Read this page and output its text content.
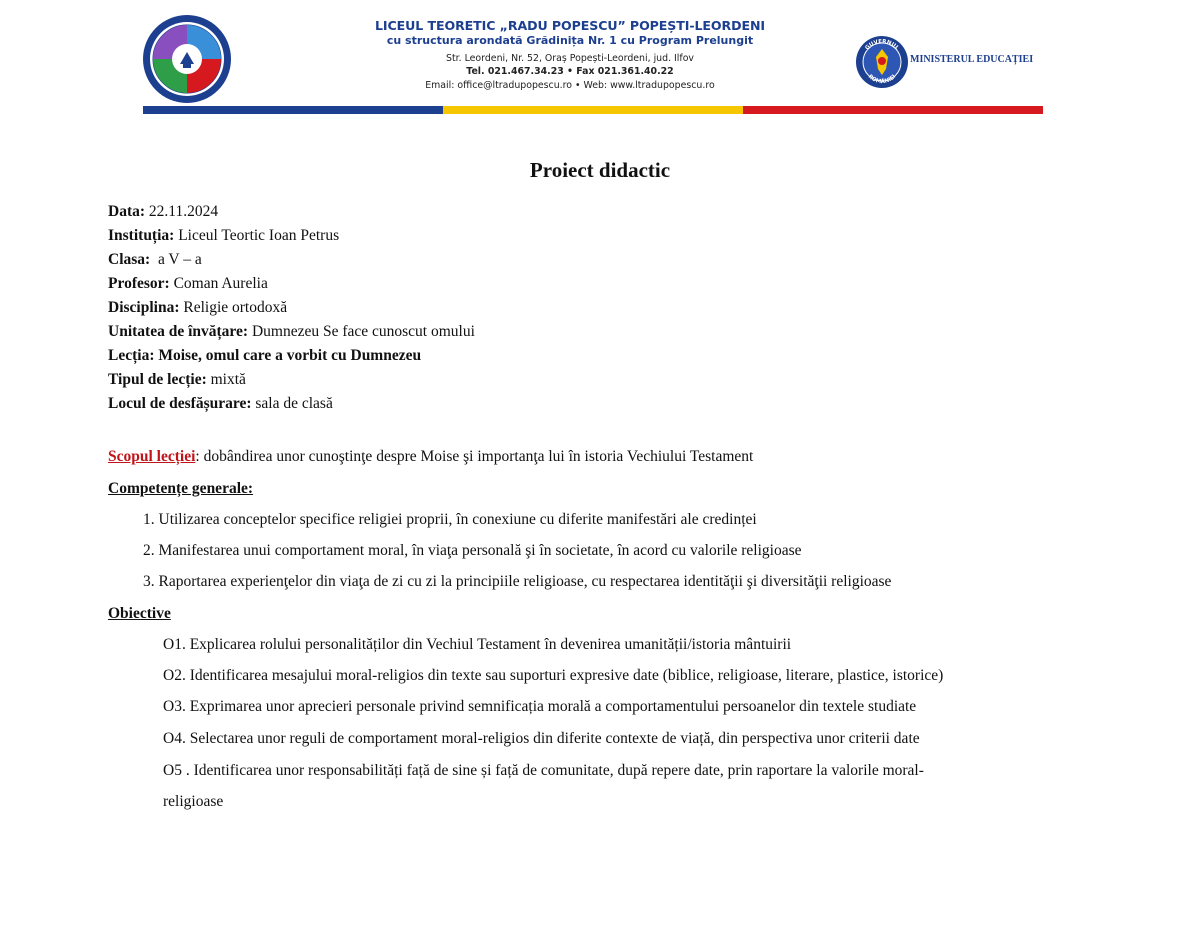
LICEUL TEORETIC „RADU POPESCU” POPEȘTI-LEORDENI
cu structura arondată Grădinița Nr. 1 cu Program Prelungit
Str. Leordeni, Nr. 52, Oraș Popești-Leordeni, jud. Ilfov
Tel. 021.467.34.23 • Fax 021.361.40.22
Email: office@ltradupopescu.ro • Web: www.ltradupopescu.ro
GUVERNUL
ROMÂNIEI
MINISTERUL EDUCAȚIEI
Proiect didactic
Data: 22.11.2024
Instituția: Liceul Teortic Ioan Petrus
Clasa:  a V – a
Profesor: Coman Aurelia
Disciplina: Religie ortodoxă
Unitatea de învățare: Dumnezeu Se face cunoscut omului
Lecția: Moise, omul care a vorbit cu Dumnezeu
Tipul de lecție: mixtă
Locul de desfășurare: sala de clasă
Scopul lecției: dobândirea unor cunoştinţe despre Moise şi importanţa lui în istoria Vechiului Testament
Competențe generale:
1. Utilizarea conceptelor specifice religiei proprii, în conexiune cu diferite manifestări ale credinței
2. Manifestarea unui comportament moral, în viaţa personală şi în societate, în acord cu valorile religioase
3. Raportarea experienţelor din viaţa de zi cu zi la principiile religioase, cu respectarea identităţii şi diversităţii religioase
Obiective
O1. Explicarea rolului personalităților din Vechiul Testament în devenirea umanității/istoria mântuirii
O2. Identificarea mesajului moral-religios din texte sau suporturi expresive date (biblice, religioase, literare, plastice, istorice)
O3. Exprimarea unor aprecieri personale privind semnificația morală a comportamentului persoanelor din textele studiate
O4. Selectarea unor reguli de comportament moral-religios din diferite contexte de viață, din perspectiva unor criterii date
O5 . Identificarea unor responsabilități față de sine și față de comunitate, după repere date, prin raportare la valorile moral-
religioase
